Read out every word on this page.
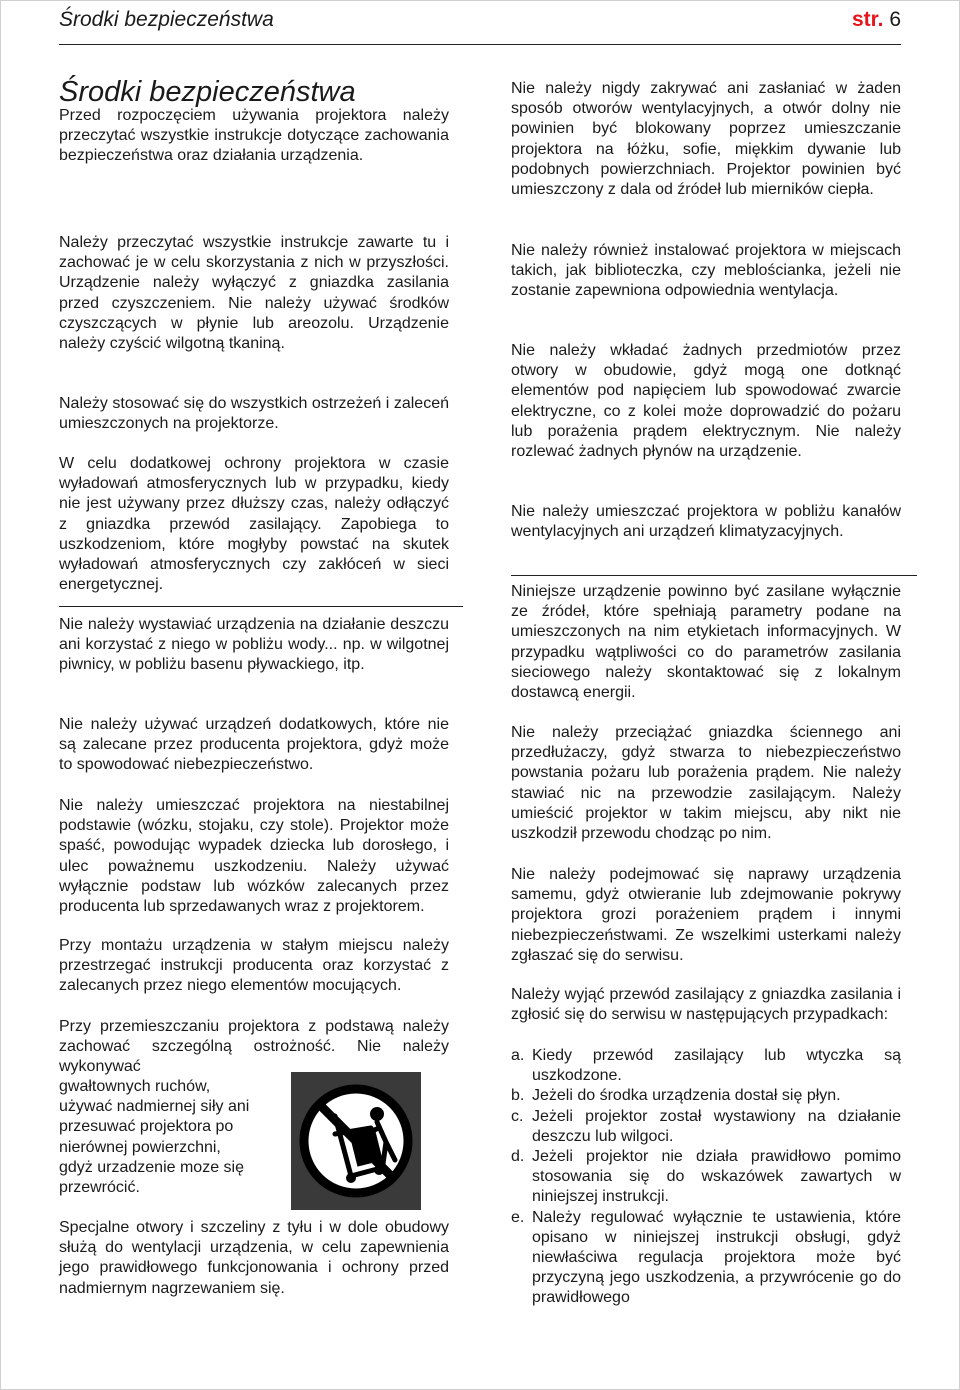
Środki bezpieczeństwa	str. 6
Środki bezpieczeństwa

Przed rozpoczęciem używania projektora należy przeczytać wszystkie instrukcje dotyczące zachowania bezpieczeństwa oraz działania urządzenia.

Należy przeczytać wszystkie instrukcje zawarte tu i zachować je w celu skorzystania z nich w przyszłości. Urządzenie należy wyłączyć z gniazdka zasilania przed czyszczeniem. Nie należy używać środków czyszczących w płynie lub areozolu. Urządzenie należy czyścić wilgotną tkaniną.

Należy stosować się do wszystkich ostrzeżeń i zaleceń umieszczonych na projektorze.

W celu dodatkowej ochrony projektora w czasie wyładowań atmosferycznych lub w przypadku, kiedy nie jest używany przez dłuższy czas, należy odłączyć z gniazdka przewód zasilający. Zapobiega to uszkodzeniom, które mogłyby powstać na skutek wyładowań atmosferycznych czy zakłóceń w sieci energetycznej.

Nie należy wystawiać urządzenia na działanie deszczu ani korzystać z niego w pobliżu wody... np. w wilgotnej piwnicy, w pobliżu basenu pływackiego, itp.

Nie należy używać urządzeń dodatkowych, które nie są zalecane przez producenta projektora, gdyż może to spowodować niebezpieczeństwo.

Nie należy umieszczać projektora na niestabilnej podstawie (wózku, stojaku, czy stole). Projektor może spaść, powodując wypadek dziecka lub dorosłego, i ulec poważnemu uszkodzeniu. Należy używać wyłącznie podstaw lub wózków zalecanych przez producenta lub sprzedawanych wraz z projektorem.

Przy montażu urządzenia w stałym miejscu należy przestrzegać instrukcji producenta oraz korzystać z zalecanych przez niego elementów mocujących.

Przy przemieszczaniu projektora z podstawą należy zachować szczególną ostrożność. Nie należy wykonywać

gwałtownych ruchów,

używać nadmiernej siły ani

przesuwać projektora po

nierównej powierzchni,

gdyż urzadzenie moze się

przewrócić.

Specjalne otwory i szczeliny z tyłu i w dole obudowy służą do wentylacji urządzenia, w celu zapewnienia jego prawidłowego funkcjonowania i ochrony przed nadmiernym nagrzewaniem się.

Nie należy nigdy zakrywać ani zasłaniać w żaden sposób otworów wentylacyjnych, a otwór dolny nie powinien być blokowany poprzez umieszczanie projektora na łóżku, sofie, miękkim dywanie lub podobnych powierzchniach. Projektor powinien być umieszczony z dala od źródeł lub mierników ciepła.

Nie należy również instalować projektora w miejscach takich, jak biblioteczka, czy meblościanka, jeżeli nie zostanie zapewniona odpowiednia wentylacja.

Nie należy wkładać żadnych przedmiotów przez otwory w obudowie, gdyż mogą one dotknąć elementów pod napięciem lub spowodować zwarcie elektryczne, co z kolei może doprowadzić do pożaru lub porażenia prądem elektrycznym. Nie należy rozlewać żadnych płynów na urządzenie.

Nie należy umieszczać projektora w pobliżu kanałów wentylacyjnych ani urządzeń klimatyzacyjnych.

Niniejsze urządzenie powinno być zasilane wyłącznie ze źródeł, które spełniają parametry podane na umieszczonych na nim etykietach informacyjnych. W przypadku wątpliwości co do parametrów zasilania sieciowego należy skontaktować się z lokalnym dostawcą energii.

Nie należy przeciążać gniazdka ściennego ani przedłużaczy, gdyż stwarza to niebezpieczeństwo powstania pożaru lub porażenia prądem. Nie należy stawiać nic na przewodzie zasilającym. Należy umieścić projektor w takim miejscu, aby nikt nie uszkodził przewodu chodząc po nim.

Nie należy podejmować się naprawy urządzenia samemu, gdyż otwieranie lub zdejmowanie pokrywy projektora grozi porażeniem prądem i innymi niebezpieczeństwami. Ze wszelkimi usterkami należy zgłaszać się do serwisu.

Należy wyjąć przewód zasilający z gniazdka zasilania i zgłosić się do serwisu w następujących przypadkach:

a. Kiedy przewód zasilający lub wtyczka są uszkodzone.
b. Jeżeli do środka urządzenia dostał się płyn.
c. Jeżeli projektor został wystawiony na działanie deszczu lub wilgoci.
d. Jeżeli projektor nie działa prawidłowo pomimo stosowania się do wskazówek zawartych w niniejszej instrukcji.
e. Należy regulować wyłącznie te ustawienia, które opisano w niniejszej instrukcji obsługi, gdyż niewłaściwa regulacja projektora może być przyczyną jego uszkodzenia, a przywrócenie go do prawidłowego
